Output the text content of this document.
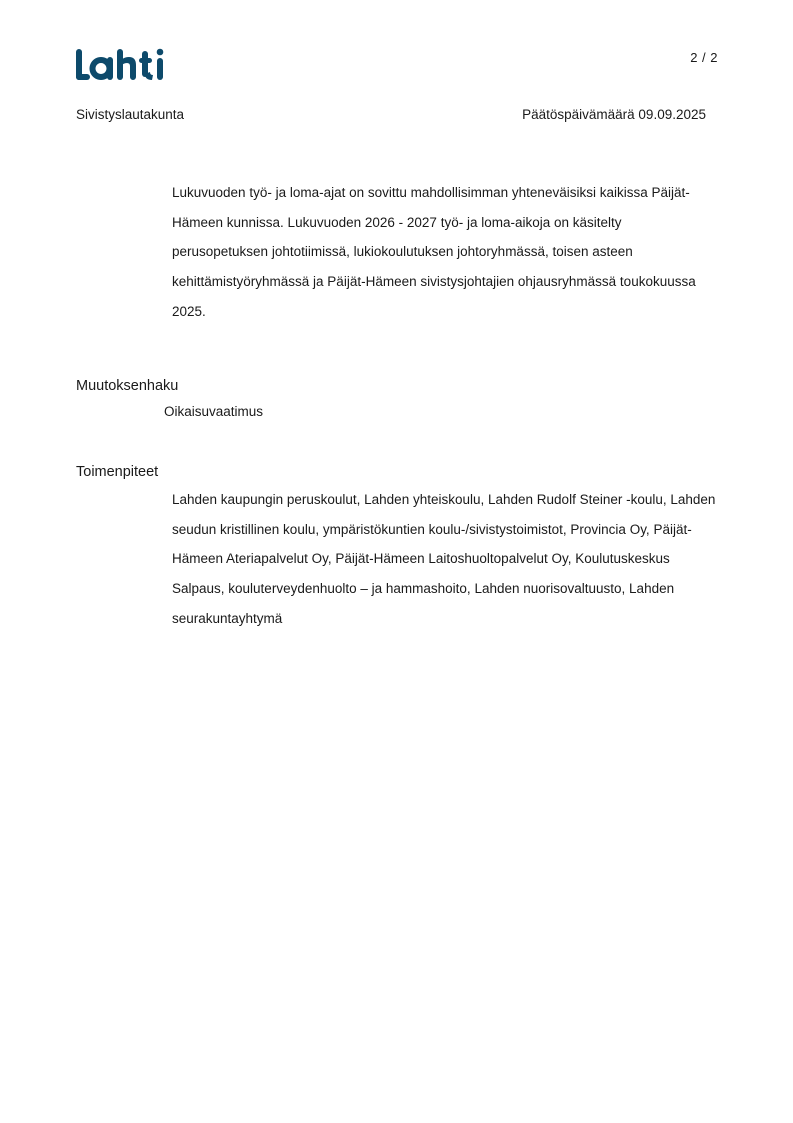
2 / 2
Sivistyslautakunta	Päätöspäivämäärä 09.09.2025

Lukuvuoden työ- ja loma-ajat on sovittu mahdollisimman yhteneväisiksi kaikissa Päijät-Hämeen kunnissa. Lukuvuoden 2026 - 2027 työ- ja loma-aikoja on käsitelty perusopetuksen johtotiimissä, lukiokoulutuksen johtoryhmässä, toisen asteen kehittämistyöryhmässä ja Päijät-Hämeen sivistysjohtajien ohjausryhmässä toukokuussa 2025.

Muutoksenhaku

Oikaisuvaatimus

Toimenpiteet

Lahden kaupungin peruskoulut, Lahden yhteiskoulu, Lahden Rudolf Steiner -koulu, Lahden seudun kristillinen koulu, ympäristökuntien koulu-/sivistystoimistot, Provincia Oy, Päijät-Hämeen Ateriapalvelut Oy, Päijät-Hämeen Laitoshuoltopalvelut Oy, Koulutuskeskus Salpaus, kouluterveydenhuolto – ja hammashoito, Lahden nuorisovaltuusto, Lahden seurakuntayhtymä
